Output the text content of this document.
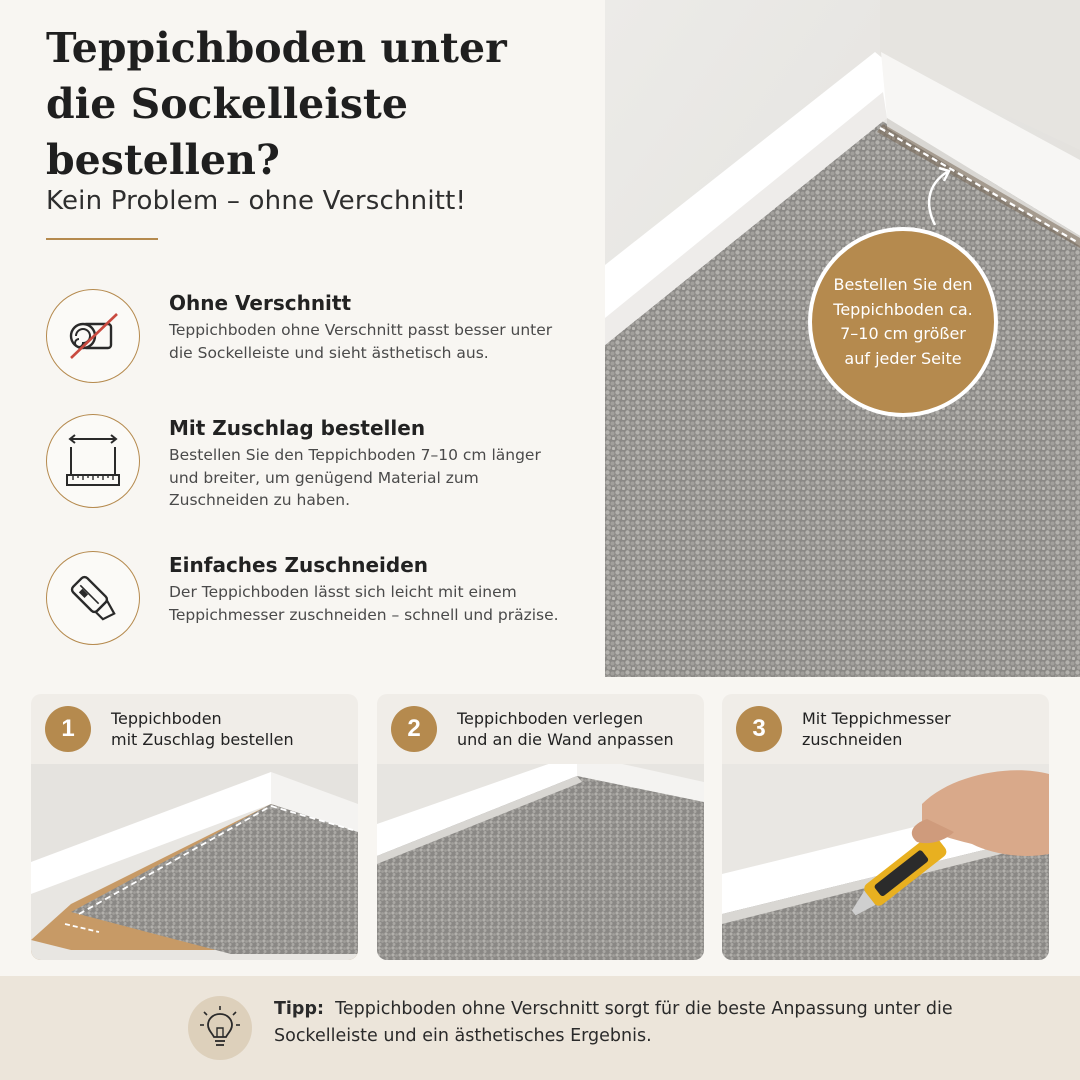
Teppichboden unter die Sockelleiste bestellen?
Kein Problem – ohne Verschnitt!
Ohne Verschnitt
Teppichboden ohne Verschnitt passt besser unter die Sockelleiste und sieht ästhetisch aus.
Mit Zuschlag bestellen
Bestellen Sie den Teppichboden 7–10 cm länger und breiter, um genügend Material zum Zuschneiden zu haben.
Einfaches Zuschneiden
Der Teppichboden lässt sich leicht mit einem Teppichmesser zuschneiden – schnell und präzise.
Bestellen Sie den Teppichboden ca. 7–10 cm größer auf jeder Seite
1	Teppichboden
mit Zuschlag bestellen	2	Teppichboden verlegen
und an die Wand anpassen	3	Mit Teppichmesser
zuschneiden
Tipp: Teppichboden ohne Verschnitt sorgt für die beste Anpassung unter die Sockelleiste und ein ästhetisches Ergebnis.
